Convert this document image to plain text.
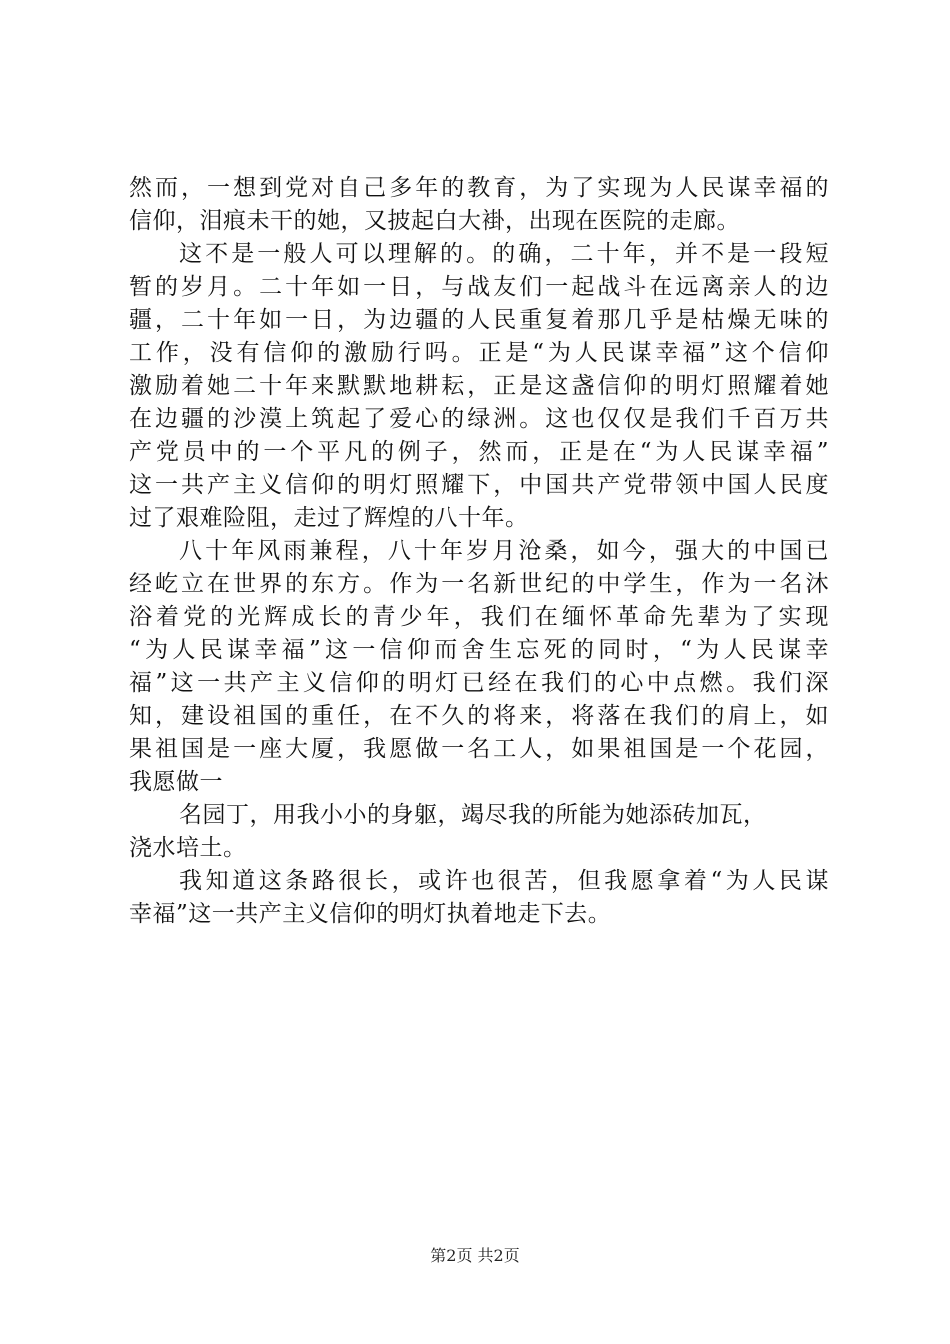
然而，一想到党对自己多年的教育，为了实现为人民谋幸福的
信仰，泪痕未干的她，又披起白大褂，出现在医院的走廊。
这不是一般人可以理解的。的确，二十年，并不是一段短
暂的岁月。二十年如一日，与战友们一起战斗在远离亲人的边
疆，二十年如一日，为边疆的人民重复着那几乎是枯燥无味的
工作，没有信仰的激励行吗。正是“为人民谋幸福”这个信仰
激励着她二十年来默默地耕耘，正是这盏信仰的明灯照耀着她
在边疆的沙漠上筑起了爱心的绿洲。这也仅仅是我们千百万共
产党员中的一个平凡的例子，然而，正是在“为人民谋幸福”
这一共产主义信仰的明灯照耀下，中国共产党带领中国人民度
过了艰难险阻，走过了辉煌的八十年。
八十年风雨兼程，八十年岁月沧桑，如今，强大的中国已
经屹立在世界的东方。作为一名新世纪的中学生，作为一名沐
浴着党的光辉成长的青少年，我们在缅怀革命先辈为了实现
“为人民谋幸福”这一信仰而舍生忘死的同时，“为人民谋幸
福”这一共产主义信仰的明灯已经在我们的心中点燃。我们深
知，建设祖国的重任，在不久的将来，将落在我们的肩上，如
果祖国是一座大厦，我愿做一名工人，如果祖国是一个花园，
我愿做一
名园丁，用我小小的身躯，竭尽我的所能为她添砖加瓦，
浇水培土。
我知道这条路很长，或许也很苦，但我愿拿着“为人民谋
幸福”这一共产主义信仰的明灯执着地走下去。
第2页 共2页
